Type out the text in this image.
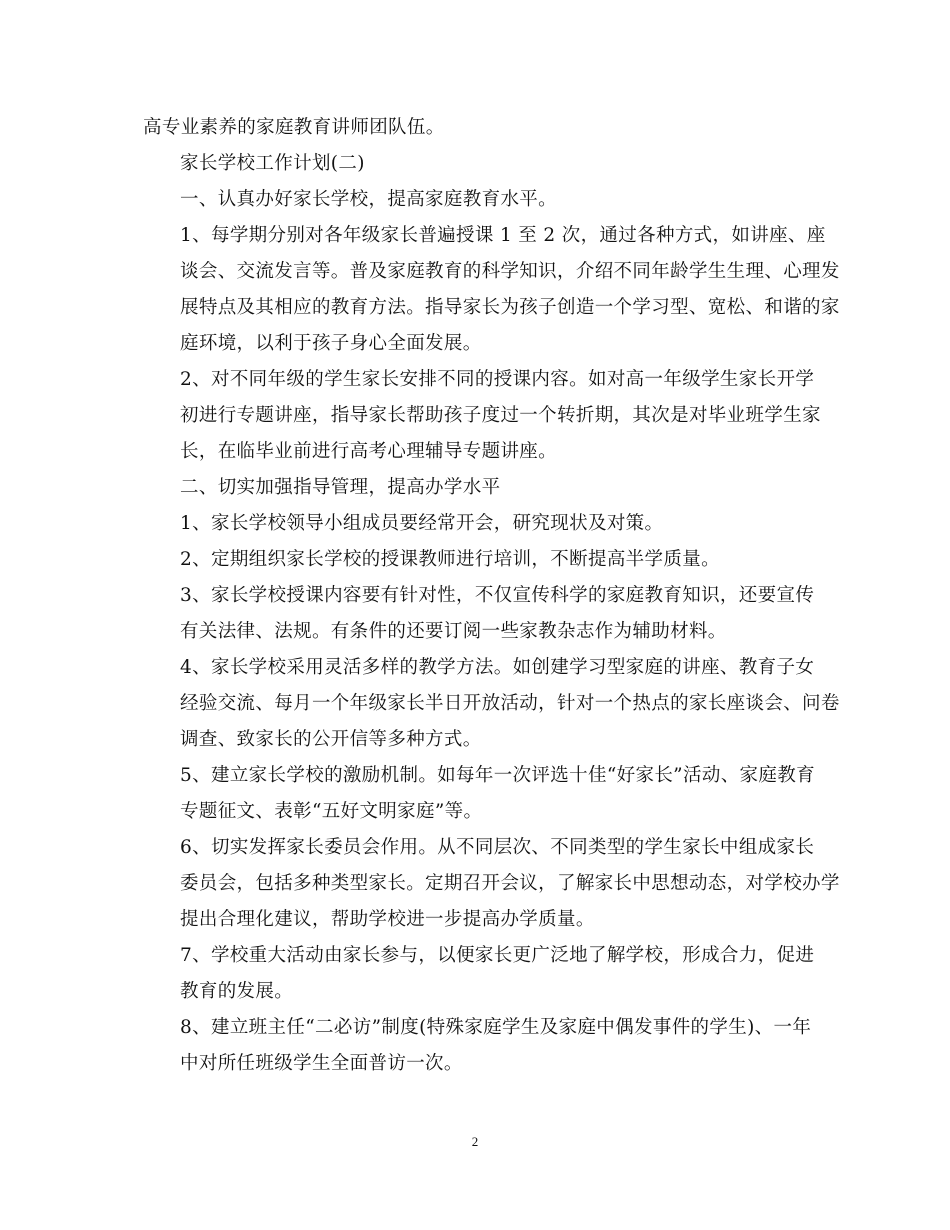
高专业素养的家庭教育讲师团队伍。

家长学校工作计划(二)

一、认真办好家长学校，提高家庭教育水平。

1、每学期分别对各年级家长普遍授课 1 至 2 次，通过各种方式，如讲座、座
谈会、交流发言等。普及家庭教育的科学知识，介绍不同年龄学生生理、心理发
展特点及其相应的教育方法。指导家长为孩子创造一个学习型、宽松、和谐的家
庭环境，以利于孩子身心全面发展。

2、对不同年级的学生家长安排不同的授课内容。如对高一年级学生家长开学
初进行专题讲座，指导家长帮助孩子度过一个转折期，其次是对毕业班学生家
长，在临毕业前进行高考心理辅导专题讲座。

二、切实加强指导管理，提高办学水平

1、家长学校领导小组成员要经常开会，研究现状及对策。

2、定期组织家长学校的授课教师进行培训，不断提高半学质量。

3、家长学校授课内容要有针对性，不仅宣传科学的家庭教育知识，还要宣传
有关法律、法规。有条件的还要订阅一些家教杂志作为辅助材料。

4、家长学校采用灵活多样的教学方法。如创建学习型家庭的讲座、教育子女
经验交流、每月一个年级家长半日开放活动，针对一个热点的家长座谈会、问卷
调查、致家长的公开信等多种方式。

5、建立家长学校的激励机制。如每年一次评选十佳“好家长”活动、家庭教育
专题征文、表彰“五好文明家庭”等。

6、切实发挥家长委员会作用。从不同层次、不同类型的学生家长中组成家长
委员会，包括多种类型家长。定期召开会议，了解家长中思想动态，对学校办学
提出合理化建议，帮助学校进一步提高办学质量。

7、学校重大活动由家长参与，以便家长更广泛地了解学校，形成合力，促进
教育的发展。

8、建立班主任“二必访”制度(特殊家庭学生及家庭中偶发事件的学生)、一年
中对所任班级学生全面普访一次。

2
